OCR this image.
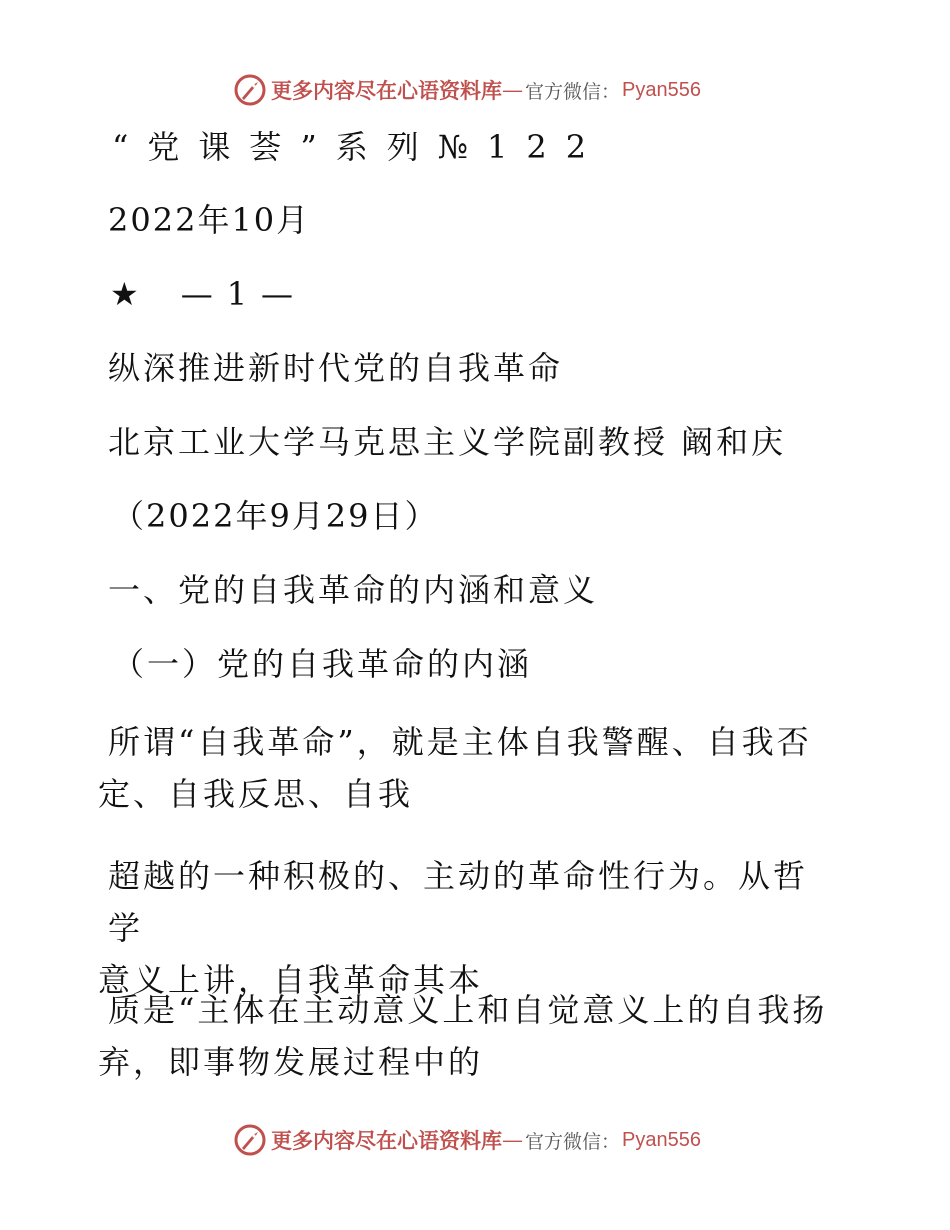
更多内容尽在心语资料库 — 官方微信： Pyan556
“党课荟”系列№122
2022年10月
★ —1—
纵深推进新时代党的自我革命
北京工业大学马克思主义学院副教授 阚和庆
（2022年9月29日）
一、党的自我革命的内涵和意义
（一）党的自我革命的内涵
所谓“自我革命”，就是主体自我警醒、自我否
定、自我反思、自我
超越的一种积极的、主动的革命性行为。从哲学
意义上讲，自我革命其本
质是“主体在主动意义上和自觉意义上的自我扬
弃，即事物发展过程中的
更多内容尽在心语资料库 — 官方微信： Pyan556
